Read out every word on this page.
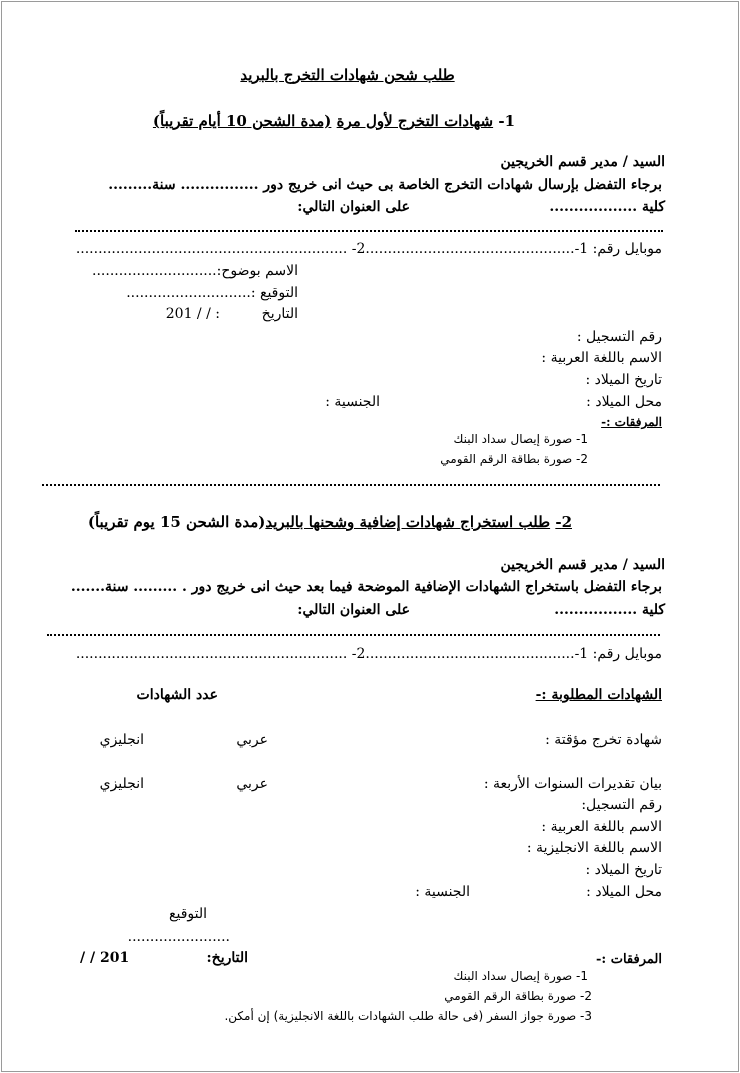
طلب شحن شهادات التخرج بالبريد
1- شهادات التخرج لأول مرة (مدة الشحن 10 أيام تقريباً)
السيد / مدير قسم الخريجين
برجاء التفضل بإرسال شهادات التخرج الخاصة بى حيث انى خريج دور ................ سنة.........
كلية ..................
على العنوان التالي:
موبايل رقم: 1-...............................................2- .............................................................
الاسم بوضوح:............................
التوقيع :............................
التاريخ
: / / 201
رقم التسجيل :
الاسم باللغة العربية :
تاريخ الميلاد :
محل الميلاد :
الجنسية :
المرفقات :-
1- صورة إيصال سداد البنك
2- صورة بطاقة الرقم القومي
2- طلب استخراج شهادات إضافية وشحنها بالبريد(مدة الشحن 15 يوم تقريباً)
السيد / مدير قسم الخريجين
برجاء التفضل باستخراج الشهادات الإضافية الموضحة فيما بعد حيث انى خريج دور . ......... سنة.......
كلية .................
على العنوان التالي:
موبايل رقم: 1-...............................................2- .............................................................
الشهادات المطلوبة :-
عدد الشهادات
شهادة تخرج مؤقتة :
عربي
انجليزي
بيان تقديرات السنوات الأربعة :
عربي
انجليزي
رقم التسجيل:
الاسم باللغة العربية :
الاسم باللغة الانجليزية :
تاريخ الميلاد :
محل الميلاد :
الجنسية :
التوقيع
.......................
المرفقات :-
التاريخ:
/ / 201
1- صورة إيصال سداد البنك
2- صورة بطاقة الرقم القومي
3- صورة جواز السفر (فى حالة طلب الشهادات باللغة الانجليزية) إن أمكن.
